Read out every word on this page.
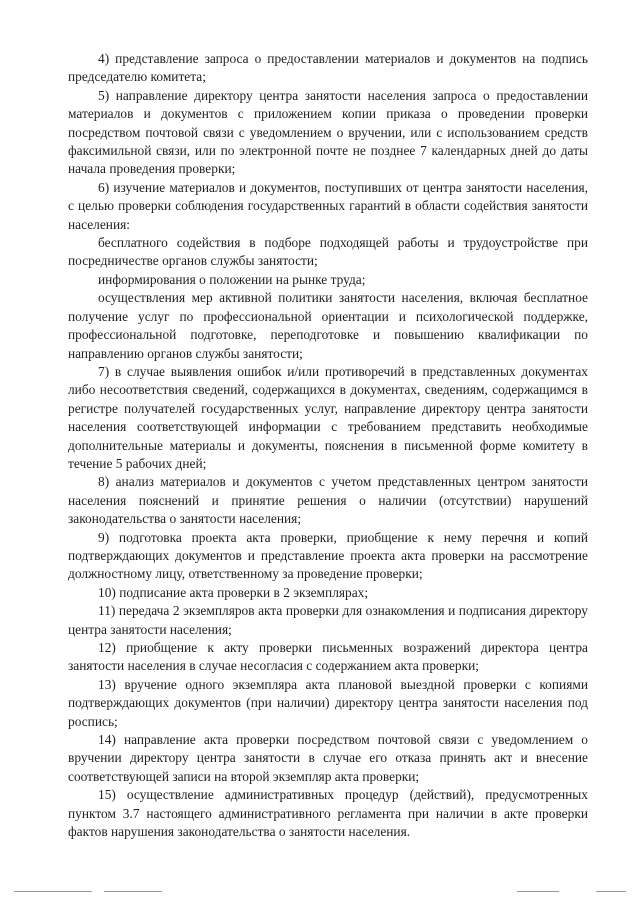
4) представление запроса о предоставлении материалов и документов на подпись председателю комитета;

5) направление директору центра занятости населения запроса о предоставлении материалов и документов с приложением копии приказа о проведении проверки посредством почтовой связи с уведомлением о вручении, или с использованием средств факсимильной связи, или по электронной почте не позднее 7 календарных дней до даты начала проведения проверки;

6) изучение материалов и документов, поступивших от центра занятости населения, с целью проверки соблюдения государственных гарантий в области содействия занятости населения:

бесплатного содействия в подборе подходящей работы и трудоустройстве при посредничестве органов службы занятости;

информирования о положении на рынке труда;

осуществления мер активной политики занятости населения, включая бесплатное получение услуг по профессиональной ориентации и психологической поддержке, профессиональной подготовке, переподготовке и повышению квалификации по направлению органов службы занятости;

7) в случае выявления ошибок и/или противоречий в представленных документах либо несоответствия сведений, содержащихся в документах, сведениям, содержащимся в регистре получателей государственных услуг, направление директору центра занятости населения соответствующей информации с требованием представить необходимые дополнительные материалы и документы, пояснения в письменной форме комитету в течение 5 рабочих дней;

8) анализ материалов и документов с учетом представленных центром занятости населения пояснений и принятие решения о наличии (отсутствии) нарушений законодательства о занятости населения;

9) подготовка проекта акта проверки, приобщение к нему перечня и копий подтверждающих документов и представление проекта акта проверки на рассмотрение должностному лицу, ответственному за проведение проверки;

10) подписание акта проверки в 2 экземплярах;

11) передача 2 экземпляров акта проверки для ознакомления и подписания директору центра занятости населения;

12) приобщение к акту проверки письменных возражений директора центра занятости населения в случае несогласия с содержанием акта проверки;

13) вручение одного экземпляра акта плановой выездной проверки с копиями подтверждающих документов (при наличии) директору центра занятости населения под роспись;

14) направление акта проверки посредством почтовой связи с уведомлением о вручении директору центра занятости в случае его отказа принять акт и внесение соответствующей записи на второй экземпляр акта проверки;

15) осуществление административных процедур (действий), предусмотренных пунктом 3.7 настоящего административного регламента при наличии в акте проверки фактов нарушения законодательства о занятости населения.
